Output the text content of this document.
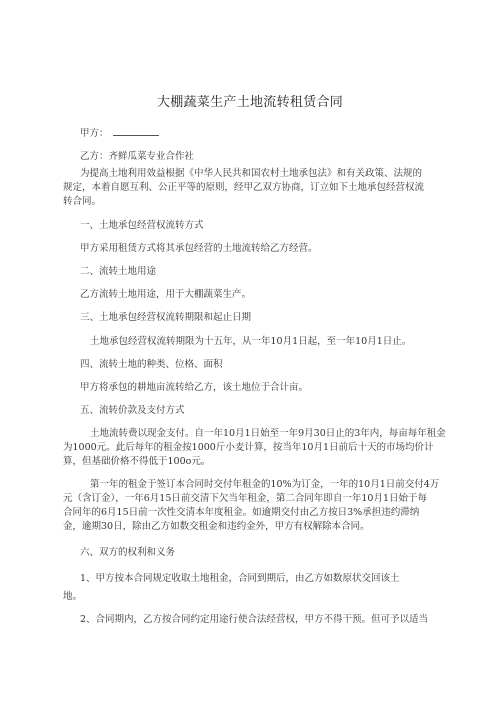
大棚蔬菜生产土地流转租赁合同
甲方：
乙方：齐鲜瓜菜专业合作社
为提高土地利用效益根据《中华人民共和国农村土地承包法》和有关政策、法规的
规定，本着自愿互利、公正平等的原则，经甲乙双方协商，订立如下土地承包经营权流
转合同。
一、土地承包经营权流转方式
甲方采用租赁方式将其承包经营的土地流转给乙方经营。
二、流转土地用途
乙方流转土地用途，用于大棚蔬菜生产。
三、土地承包经营权流转期限和起止日期
土地承包经营权流转期限为十五年，从一年10月1日起，至一年10月1日止。
四、流转土地的种类、位格、面积
甲方将承包的耕地亩流转给乙方，该土地位于合计亩。
五、流转价款及支付方式
土地流转费以现金支付。自一年10月1日始至一年9月30日止的3年内，每亩每年租金
为1000元。此后每年的租金按1000斤小麦计算，按当年10月1日前后十天的市场均价计
算，但基础价格不得低于100o元。
第一年的租金于签订本合同时交付年租金的10%为订金，一年的10月1日前交付4万
元（含订金），一年6月15日前交清下欠当年租金，第二合同年即自一年10月1日始于每
合同年的6月15日前一次性交清本年度租金。如逾期交付由乙方按日3%承担违约滞纳
金，逾期30日，除由乙方如数交租金和违约金外，甲方有权解除本合同。
六、双方的权利和义务
1、甲方按本合同规定收取土地租金，合同到期后，由乙方如数原状交回该土
地。
2、合同期内，乙方按合同约定用途行使合法经营权，甲方不得干预。但可予以适当
